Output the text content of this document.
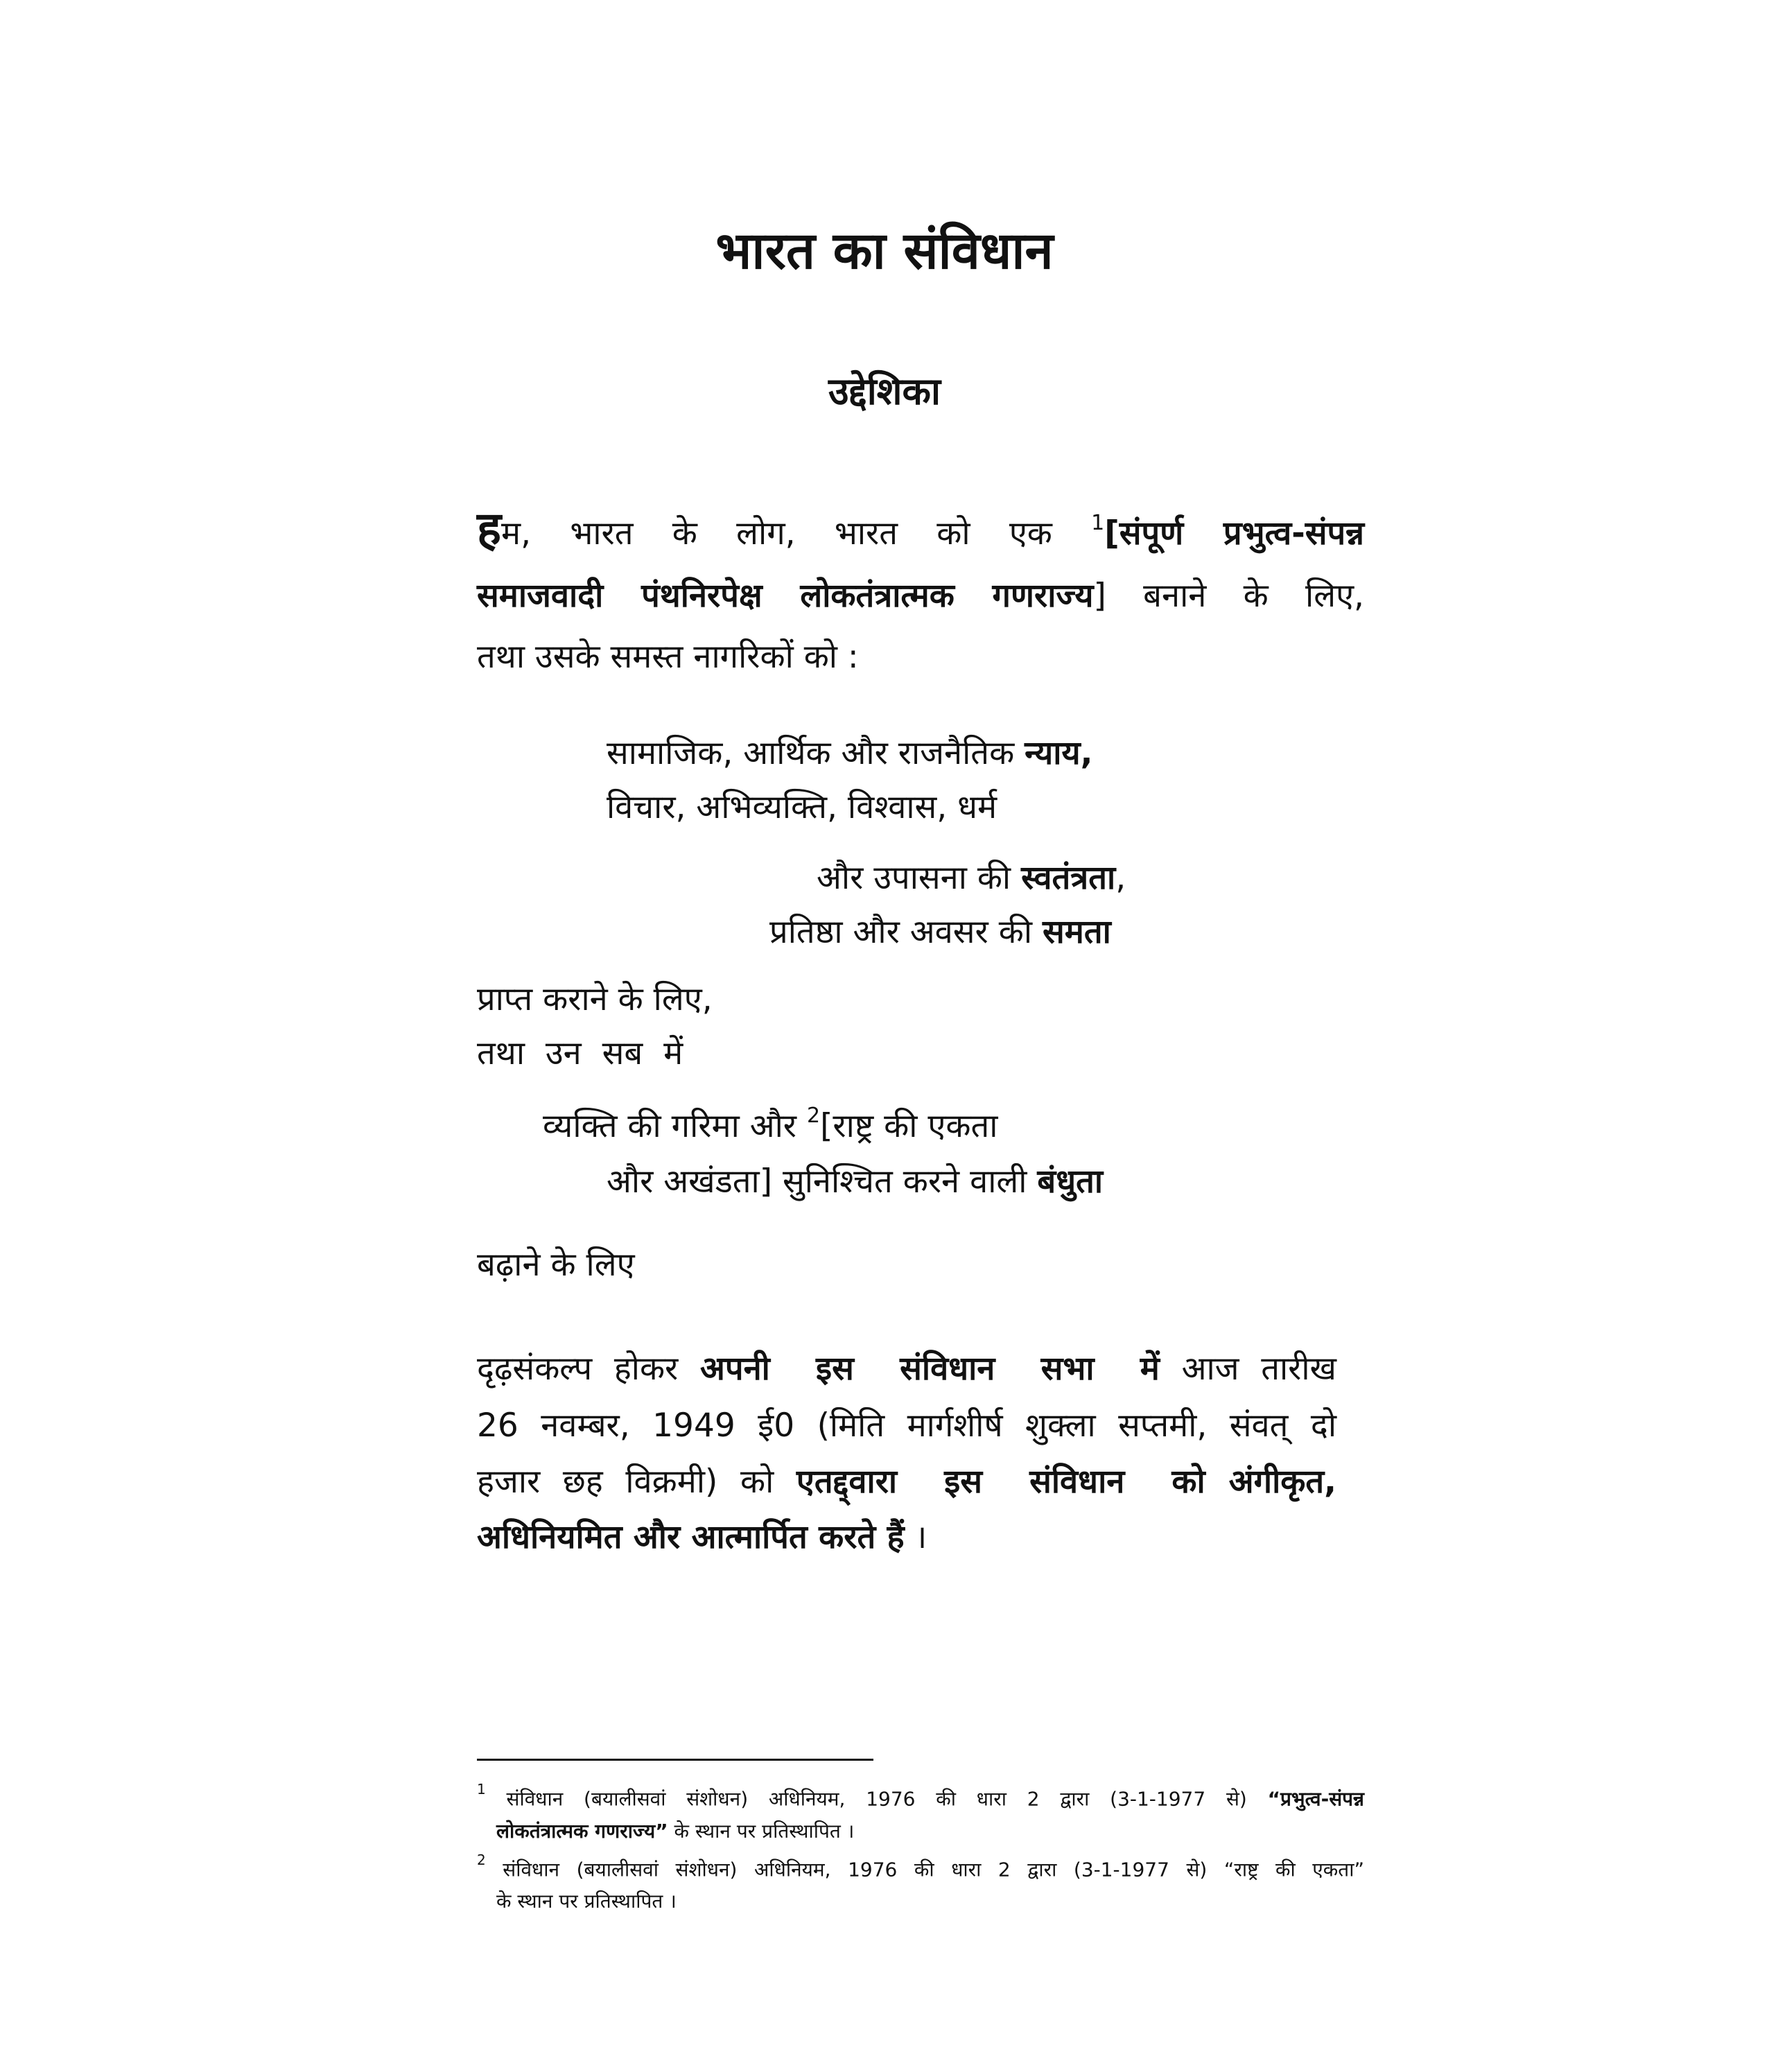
भारत का संविधान
उद्देशिका
हम, भारत के लोग, भारत को एक $^1$[संपूर्ण प्रभुत्व-संपन्न
समाजवादी पंथनिरपेक्ष लोकतंत्रात्मक गणराज्य] बनाने के लिए,
तथा उसके समस्त नागरिकों को :
सामाजिक, आर्थिक और राजनैतिक न्याय,
विचार, अभिव्यक्ति, विश्वास, धर्म
और उपासना की स्वतंत्रता,
प्रतिष्ठा और अवसर की समता
प्राप्त कराने के लिए,
तथा  उन  सब  में
व्यक्ति की गरिमा और $^2$[राष्ट्र की एकता
और अखंडता] सुनिश्चित करने वाली बंधुता
बढ़ाने के लिए
दृढ़संकल्प होकर अपनी  इस  संविधान  सभा  में आज तारीख
26 नवम्बर, 1949 ई0 (मिति मार्गशीर्ष शुक्ला सप्तमी, संवत् दो
हजार छह विक्रमी) को एतद्द्वारा  इस  संविधान  को अंगीकृत,
अधिनियमित और आत्मार्पित करते हैं ।
$^1$ संविधान (बयालीसवां संशोधन) अधिनियम, 1976 की धारा 2 द्वारा (3-1-1977 से) “प्रभुत्व-संपन्न
लोकतंत्रात्मक गणराज्य” के स्थान पर प्रतिस्थापित ।
$^2$ संविधान (बयालीसवां संशोधन) अधिनियम, 1976 की धारा 2 द्वारा (3-1-1977 से) “राष्ट्र की एकता”
के स्थान पर प्रतिस्थापित ।
